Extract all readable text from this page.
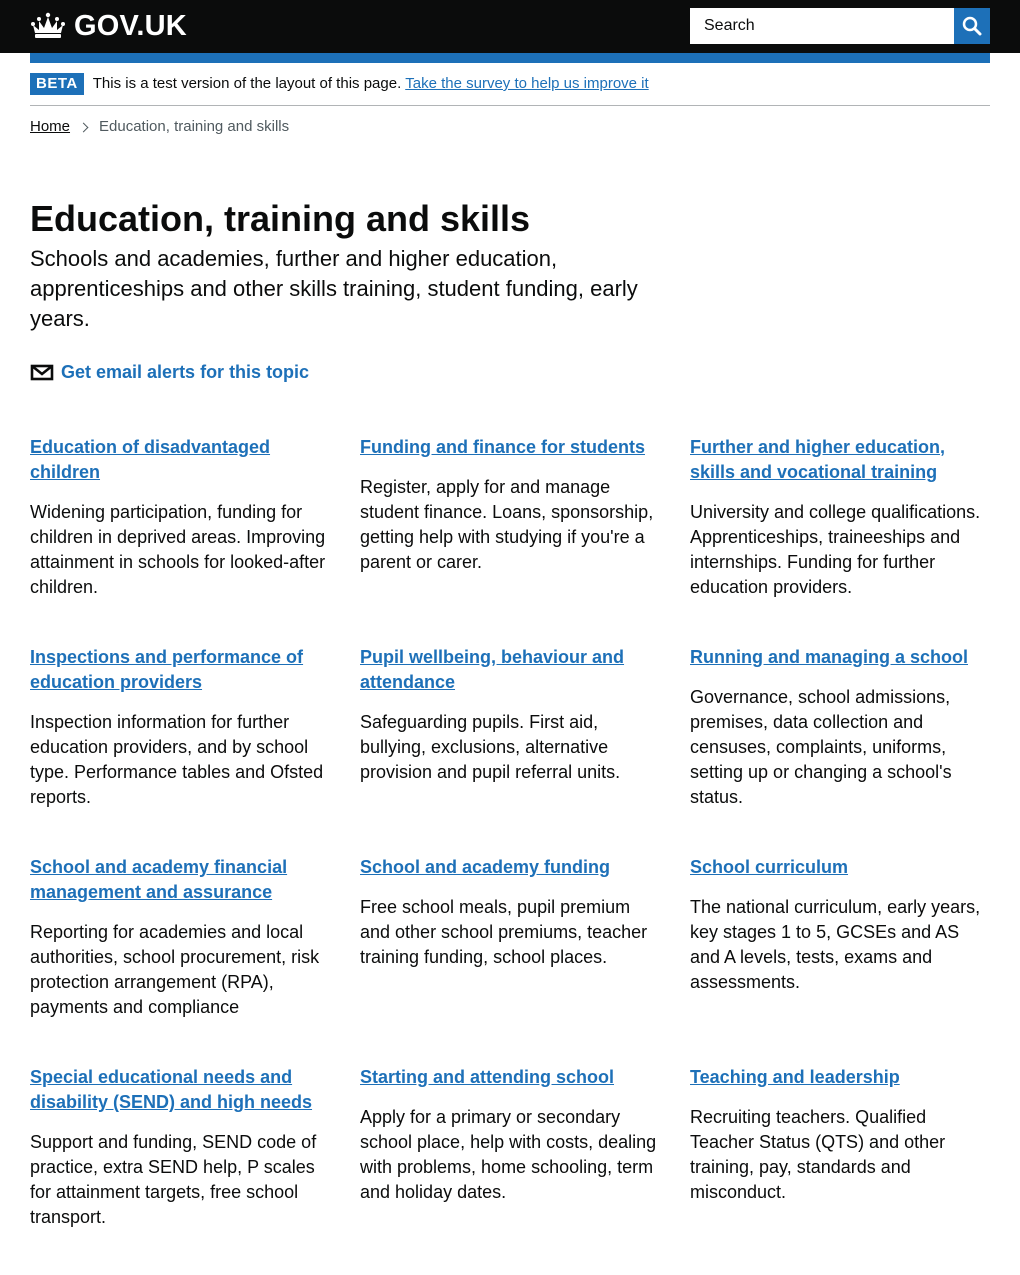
GOV.UK
Search
BETA	This is a test version of the layout of this page. Take the survey to help us improve it
Home Education, training and skills
Education, training and skills

Schools and academies, further and higher education, apprenticeships and other skills training, student funding, early years.

Get email alerts for this topic
Education of disadvantaged children

Widening participation, funding for children in deprived areas. Improving attainment in schools for looked-after children.

Funding and finance for students

Register, apply for and manage student finance. Loans, sponsorship, getting help with studying if you're a parent or carer.

Further and higher education, skills and vocational training

University and college qualifications. Apprenticeships, traineeships and internships. Funding for further education providers.

Inspections and performance of education providers

Inspection information for further education providers, and by school type. Performance tables and Ofsted reports.

Pupil wellbeing, behaviour and attendance

Safeguarding pupils. First aid, bullying, exclusions, alternative provision and pupil referral units.

Running and managing a school

Governance, school admissions, premises, data collection and censuses, complaints, uniforms, setting up or changing a school's status.

School and academy financial management and assurance

Reporting for academies and local authorities, school procurement, risk protection arrangement (RPA), payments and compliance

School and academy funding

Free school meals, pupil premium and other school premiums, teacher training funding, school places.

School curriculum

The national curriculum, early years, key stages 1 to 5, GCSEs and AS and A levels, tests, exams and assessments.

Special educational needs and disability (SEND) and high needs

Support and funding, SEND code of practice, extra SEND help, P scales for attainment targets, free school transport.

Starting and attending school

Apply for a primary or secondary school place, help with costs, dealing with problems, home schooling, term and holiday dates.

Teaching and leadership

Recruiting teachers. Qualified Teacher Status (QTS) and other training, pay, standards and misconduct.
